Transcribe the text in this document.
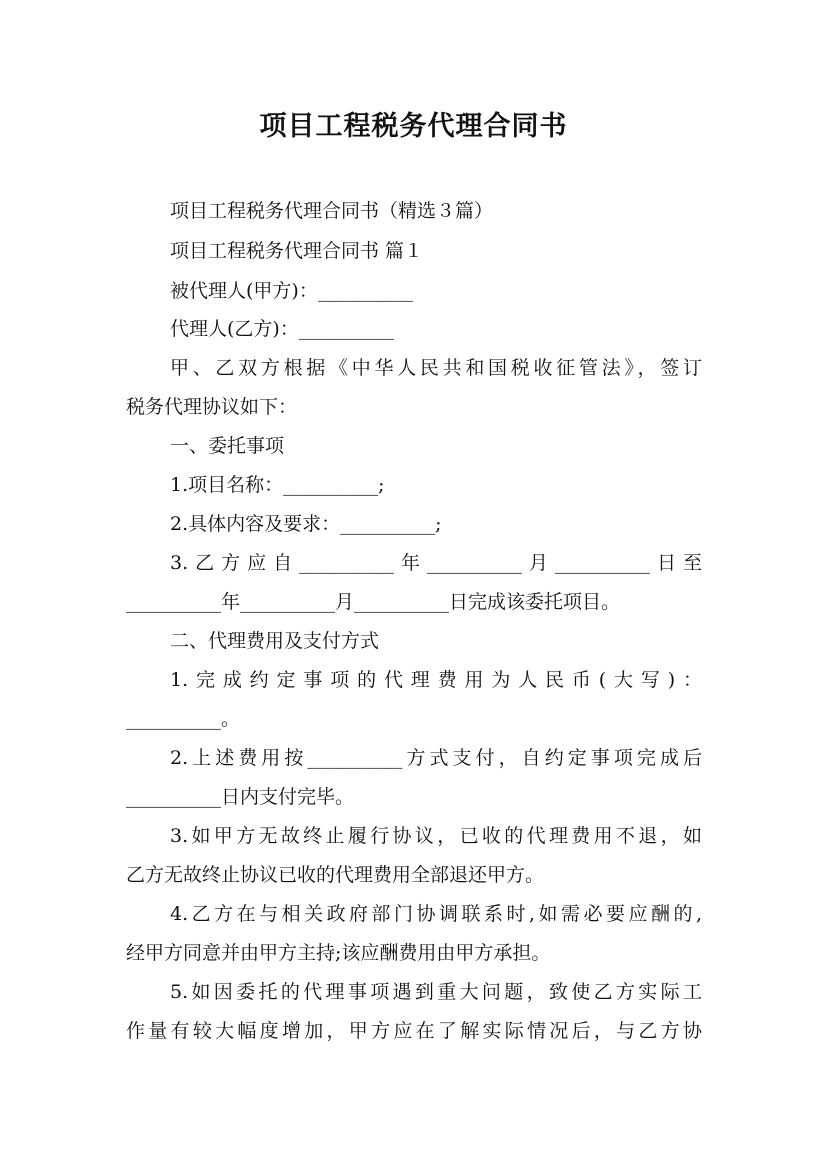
项目工程税务代理合同书

项目工程税务代理合同书（精选３篇）

项目工程税务代理合同书 篇１

被代理人(甲方)：__________

代理人(乙方)：__________

甲、乙双方根据《中华人民共和国税收征管法》，签订

税务代理协议如下：

一、委托事项

1.项目名称：__________;

2.具体内容及要求：__________;

3.乙方应自__________年__________月__________日至

__________年__________月__________日完成该委托项目。

二、代理费用及支付方式

1.完成约定事项的代理费用为人民币(大写)：

__________。

2.上述费用按__________方式支付，自约定事项完成后

__________日内支付完毕。

3.如甲方无故终止履行协议，已收的代理费用不退，如

乙方无故终止协议已收的代理费用全部退还甲方。

4.乙方在与相关政府部门协调联系时,如需必要应酬的,

经甲方同意并由甲方主持;该应酬费用由甲方承担。

5.如因委托的代理事项遇到重大问题，致使乙方实际工

作量有较大幅度增加，甲方应在了解实际情况后，与乙方协
